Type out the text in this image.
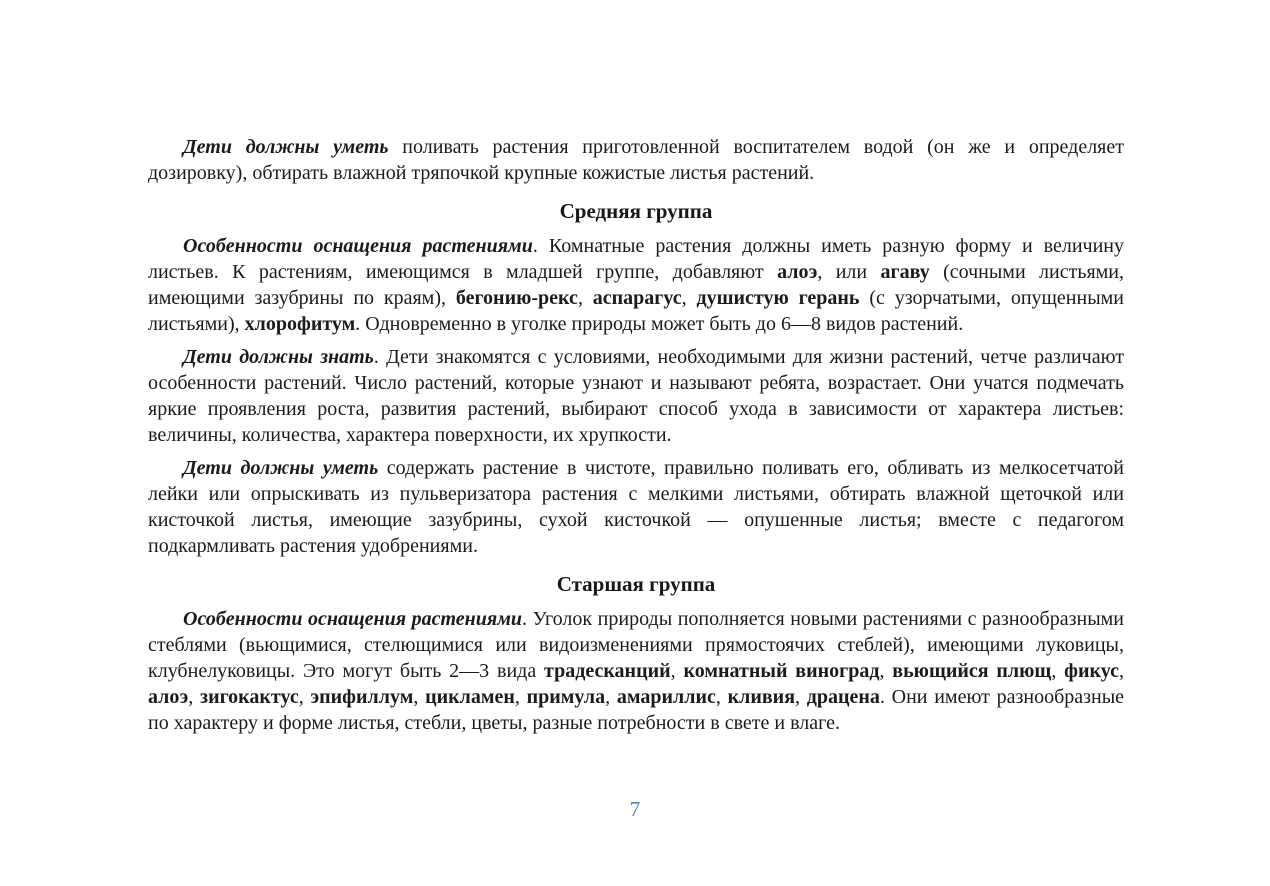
Дети должны уметь поливать растения приготовленной воспитателем водой (он же и определяет дозировку), обтирать влажной тряпочкой крупные кожистые листья растений.

Средняя группа

Особенности оснащения растениями. Комнатные растения должны иметь разную форму и величину листьев. К растениям, имеющимся в младшей группе, добавляют алоэ, или агаву (сочными листьями, имеющими зазубрины по краям), бегонию-рекс, аспарагус, душистую герань (с узорчатыми, опущенными листьями), хлорофитум. Одновременно в уголке природы может быть до 6—8 видов растений.

Дети должны знать. Дети знакомятся с условиями, необходимыми для жизни растений, четче различают особенности растений. Число растений, которые узнают и называют ребята, возрастает. Они учатся подмечать яркие проявления роста, развития растений, выбирают способ ухода в зависимости от характера листьев: величины, количества, характера поверхности, их хрупкости.

Дети должны уметь содержать растение в чистоте, правильно поливать его, обливать из мелкосетчатой лейки или опрыскивать из пульверизатора растения с мелкими листьями, обтирать влажной щеточкой или кисточкой листья, имеющие зазубрины, сухой кисточкой — опушенные листья; вместе с педагогом подкармливать растения удобрениями.

Старшая группа

Особенности оснащения растениями. Уголок природы пополняется новыми растениями с разнообразными стеблями (вьющимися, стелющимися или видоизменениями прямостоячих стеблей), имеющими луковицы, клубнелуковицы. Это могут быть 2—3 вида традесканций, комнатный виноград, вьющийся плющ, фикус, алоэ, зигокактус, эпифиллум, цикламен, примула, амариллис, кливия, драцена. Они имеют разнообразные по характеру и форме листья, стебли, цветы, разные потребности в свете и влаге.

7
